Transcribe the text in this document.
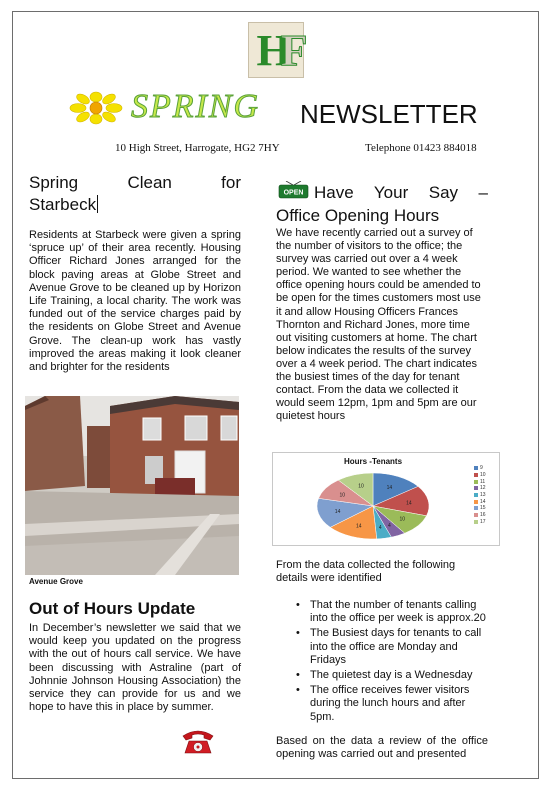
HF
SPRING NEWSLETTER
10 High Street, Harrogate, HG2 7HY	Telephone 01423 884018
Spring Clean for
Starbeck
Residents at Starbeck were given a spring ‘spruce up’ of their area recently. Housing Officer Richard Jones arranged for the block paving areas at Globe Street and Avenue Grove to be cleaned up by Horizon Life Training, a local charity. The work was funded out of the service charges paid by the residents on Globe Street and Avenue Grove. The clean-up work has vastly improved the areas making it look cleaner and brighter for the residents
Avenue Grove
Out of Hours Update
In December’s newsletter we said that we would keep you updated on the progress with the out of hours call service. We have been discussing with Astraline (part of Johnnie Johnson Housing Association) the service they can provide for us and we hope to have this in place by summer.
OPEN Have Your Say –
Office Opening Hours
We have recently carried out a survey of the number of visitors to the office; the survey was carried out over a 4 week period. We wanted to see whether the office opening hours could be amended to be open for the times customers most use it and allow Housing Officers Frances Thornton and Richard Jones, more time out visiting customers at home. The chart below indicates the results of the survey over a 4 week period. The chart indicates the busiest times of the day for tenant contact. From the data we collected it would seem 12pm, 1pm and 5pm are our quietest hours
Hours -Tenants
14
14
10
4
4
14
14
10
10
9
10
11
12
13
14
15
16
17
From the data collected the following details were identified
• That the number of tenants calling into the office per week is approx.20
• The Busiest days for tenants to call into the office are Monday and Fridays
• The quietest day is a Wednesday
• The office receives fewer visitors during the lunch hours and after 5pm.
Based on the data a review of the office opening was carried out and presented
